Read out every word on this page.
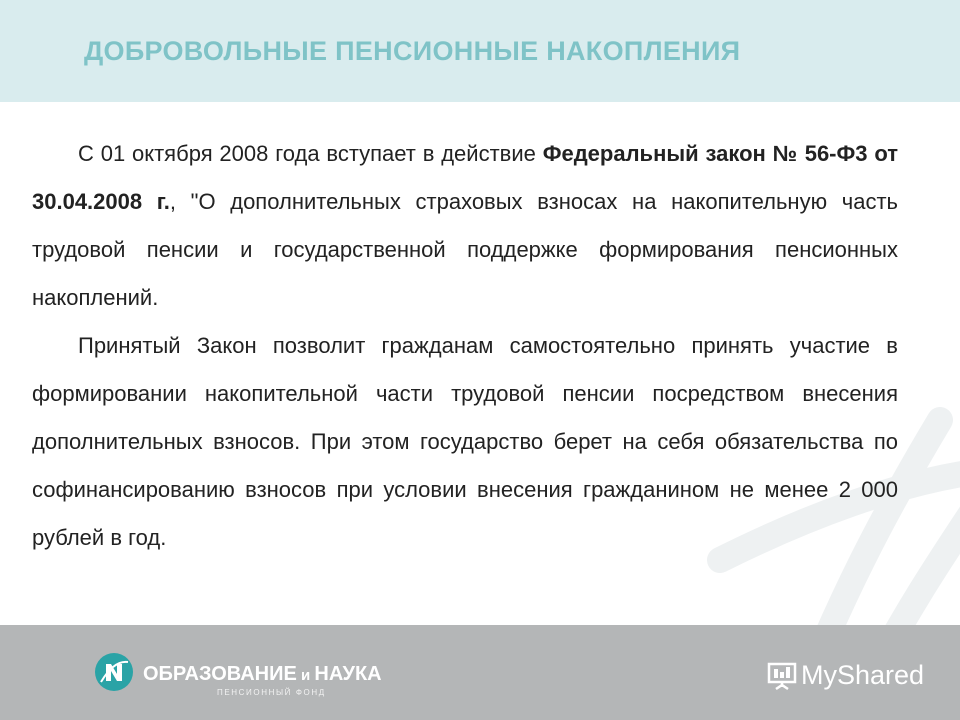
ДОБРОВОЛЬНЫЕ ПЕНСИОННЫЕ НАКОПЛЕНИЯ

С 01 октября 2008 года вступает в действие Федеральный закон № 56-Ф3 от 30.04.2008 г., "О дополнительных страховых взносах на накопительную часть трудовой пенсии и государственной поддержке формирования пенсионных накоплений.

Принятый Закон позволит гражданам самостоятельно принять участие в формировании накопительной части трудовой пенсии посредством внесения дополнительных взносов. При этом государство берет на себя обязательства по софинансированию взносов при условии внесения гражданином не менее 2 000 рублей в год.

ОБРАЗОВАНИЕ и НАУКА
ПЕНСИОННЫЙ ФОНД
MyShared
